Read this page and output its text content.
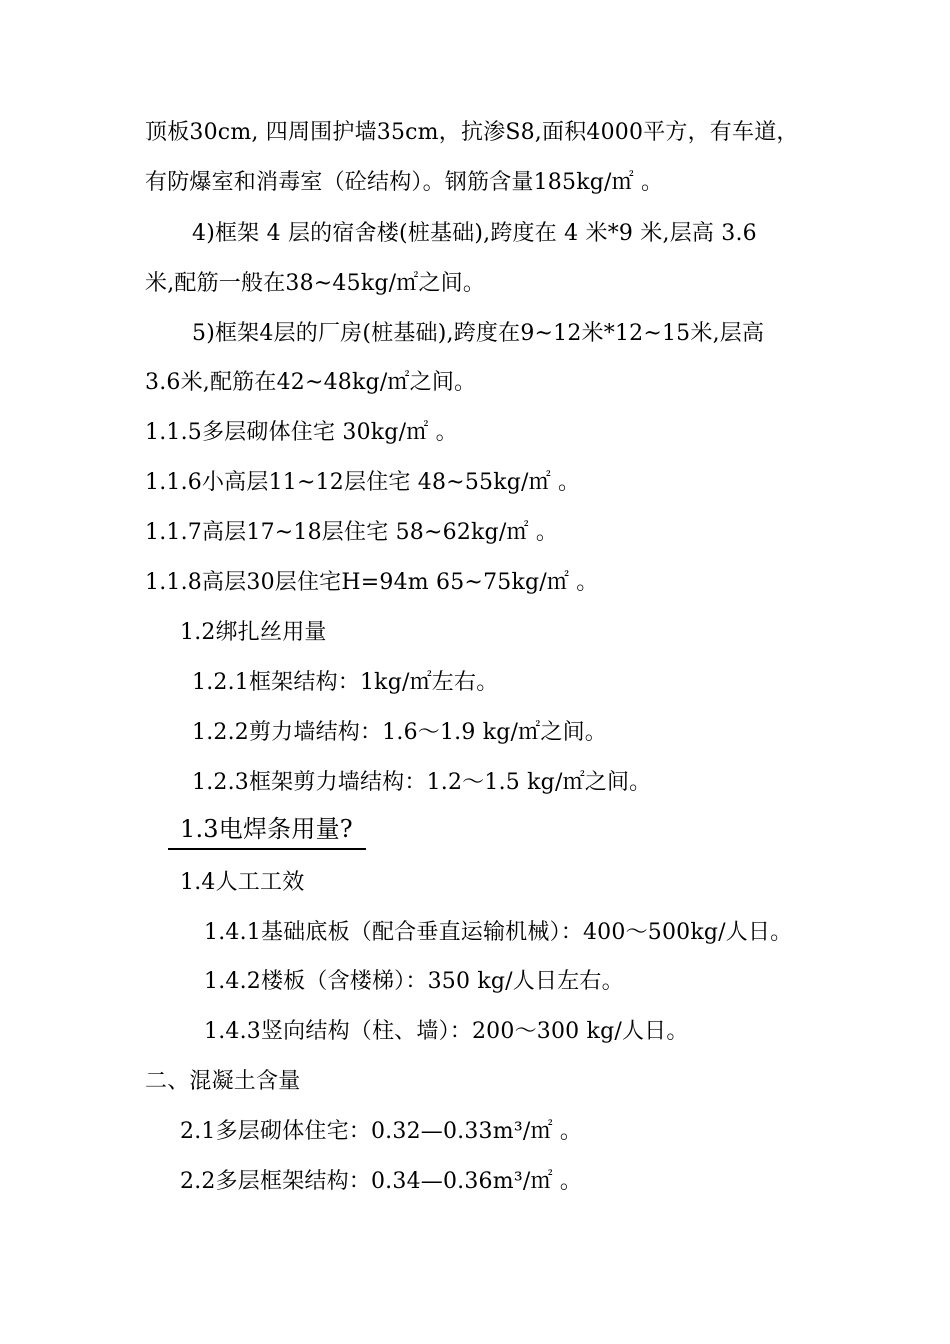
顶板30cm, 四周围护墙35cm，抗渗S8,面积4000平方，有车道，
有防爆室和消毒室（砼结构）。钢筋含量185kg/㎡ 。
4)框架 4 层的宿舍楼(桩基础),跨度在 4 米*9 米,层高 3.6
米,配筋一般在38~45kg/㎡之间。
5)框架4层的厂房(桩基础),跨度在9~12米*12~15米,层高
3.6米,配筋在42~48kg/㎡之间。
1.1.5多层砌体住宅 30kg/㎡ 。
1.1.6小高层11~12层住宅 48~55kg/㎡ 。
1.1.7高层17~18层住宅 58~62kg/㎡ 。
1.1.8高层30层住宅H=94m 65~75kg/㎡ 。
1.2绑扎丝用量
1.2.1框架结构：1kg/㎡左右。
1.2.2剪力墙结构：1.6～1.9 kg/㎡之间。
1.2.3框架剪力墙结构：1.2～1.5 kg/㎡之间。
1.3电焊条用量?
1.4人工工效
1.4.1基础底板（配合垂直运输机械）：400～500kg/人日。
1.4.2楼板（含楼梯）：350 kg/人日左右。
1.4.3竖向结构（柱、墙）：200～300 kg/人日。
二、混凝土含量
2.1多层砌体住宅：0.32—0.33m³/㎡ 。
2.2多层框架结构：0.34—0.36m³/㎡ 。
